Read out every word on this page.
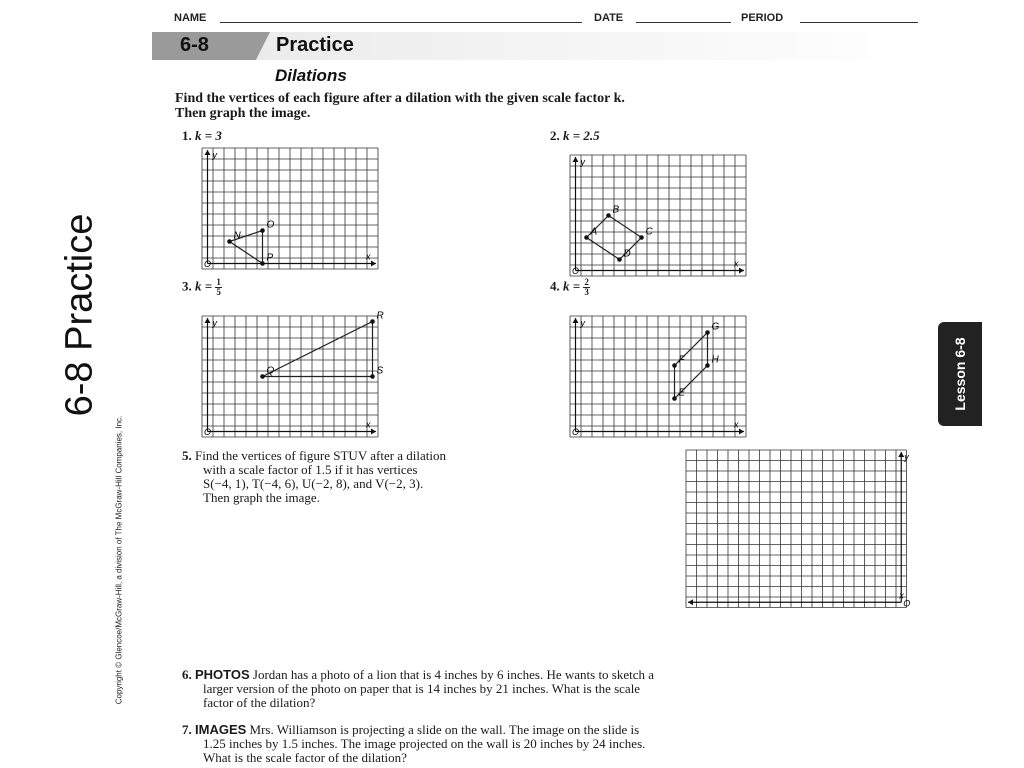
NAME	DATE	PERIOD
6-8	Practice
Dilations
6-8 Practice
Copyright © Glencoe/McGraw-Hill, a division of The McGraw-Hill Companies, Inc.
Lesson 6-8
Find the vertices of each figure after a dilation with the given scale factor k.
Then graph the image.
1. k = 3	2. k = 2.5
3. $k = \frac{1}{5}$	4. $k = \frac{2}{3}$
x
y
O
O
N
P	x
y
O
A
B
C
D
x
y
O
Q
R
S
x
y
O
E
F
G
H
5. Find the vertices of figure STUV after a dilation
with a scale factor of 1.5 if it has vertices
S(−4, 1), T(−4, 6), U(−2, 8), and V(−2, 3).
Then graph the image.
x
y
O
6. PHOTOS Jordan has a photo of a lion that is 4 inches by 6 inches. He wants to sketch a
larger version of the photo on paper that is 14 inches by 21 inches. What is the scale
factor of the dilation?
7. IMAGES Mrs. Williamson is projecting a slide on the wall. The image on the slide is
1.25 inches by 1.5 inches. The image projected on the wall is 20 inches by 24 inches.
What is the scale factor of the dilation?
